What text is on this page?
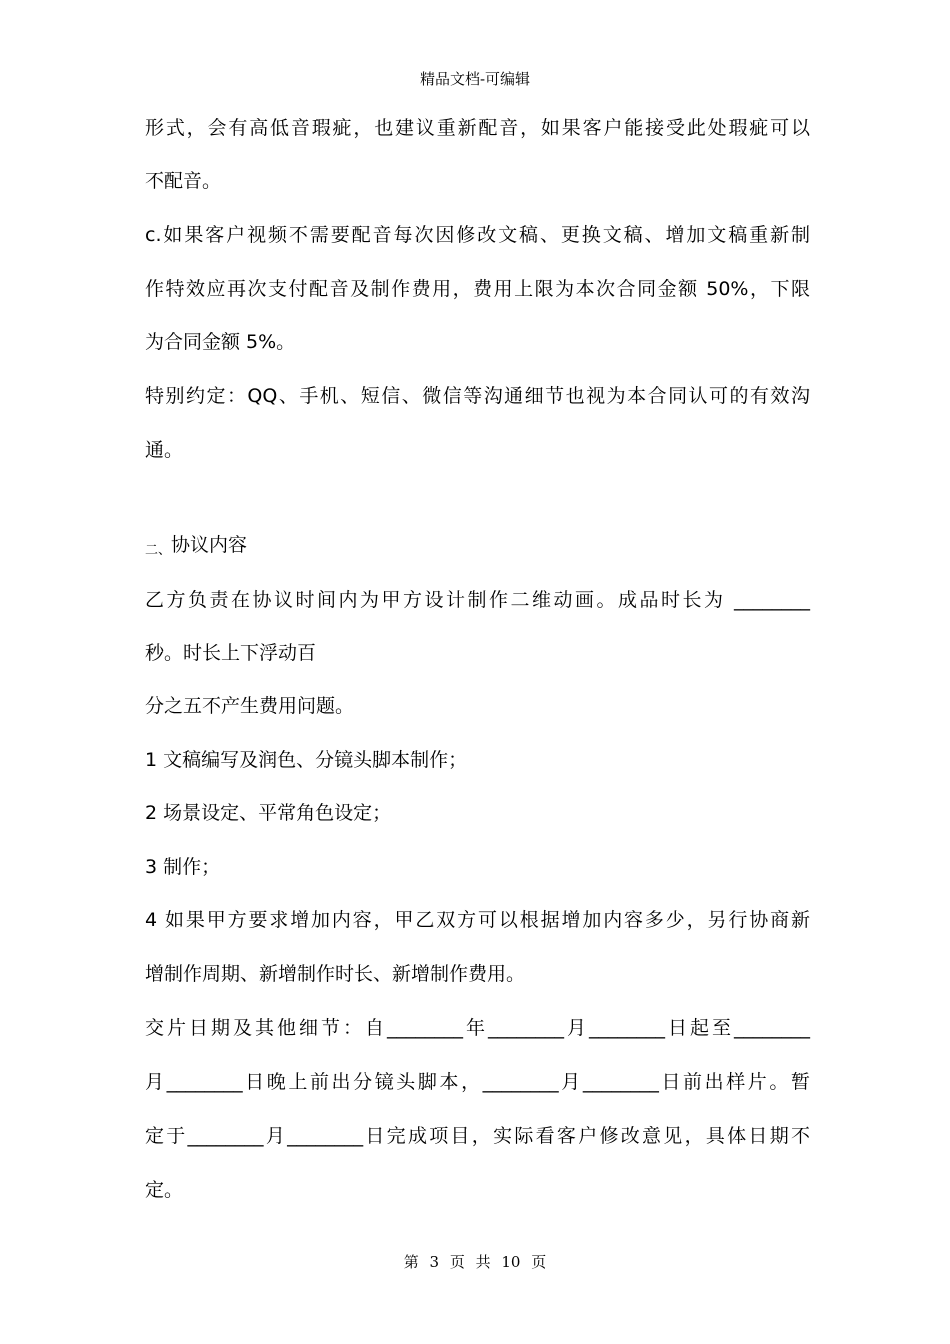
精品文档-可编辑
形式，会有高低音瑕疵，也建议重新配音，如果客户能接受此处瑕疵可以
不配音。
c.如果客户视频不需要配音每次因修改文稿、更换文稿、增加文稿重新制
作特效应再次支付配音及制作费用，费用上限为本次合同金额 50%，下限
为合同金额 5%。
特别约定：QQ、手机、短信、微信等沟通细节也视为本合同认可的有效沟
通。
二、协议内容
乙方负责在协议时间内为甲方设计制作二维动画。成品时长为 ________
秒。时长上下浮动百
分之五不产生费用问题。
1 文稿编写及润色、分镜头脚本制作；
2 场景设定、平常角色设定；
3 制作；
4 如果甲方要求增加内容，甲乙双方可以根据增加内容多少，另行协商新
增制作周期、新增制作时长、新增制作费用。
交片日期及其他细节：自________年________月________日起至________
月________日晚上前出分镜头脚本，________月________日前出样片。暂
定于________月________日完成项目，实际看客户修改意见，具体日期不
定。
第 3 页 共 10 页
